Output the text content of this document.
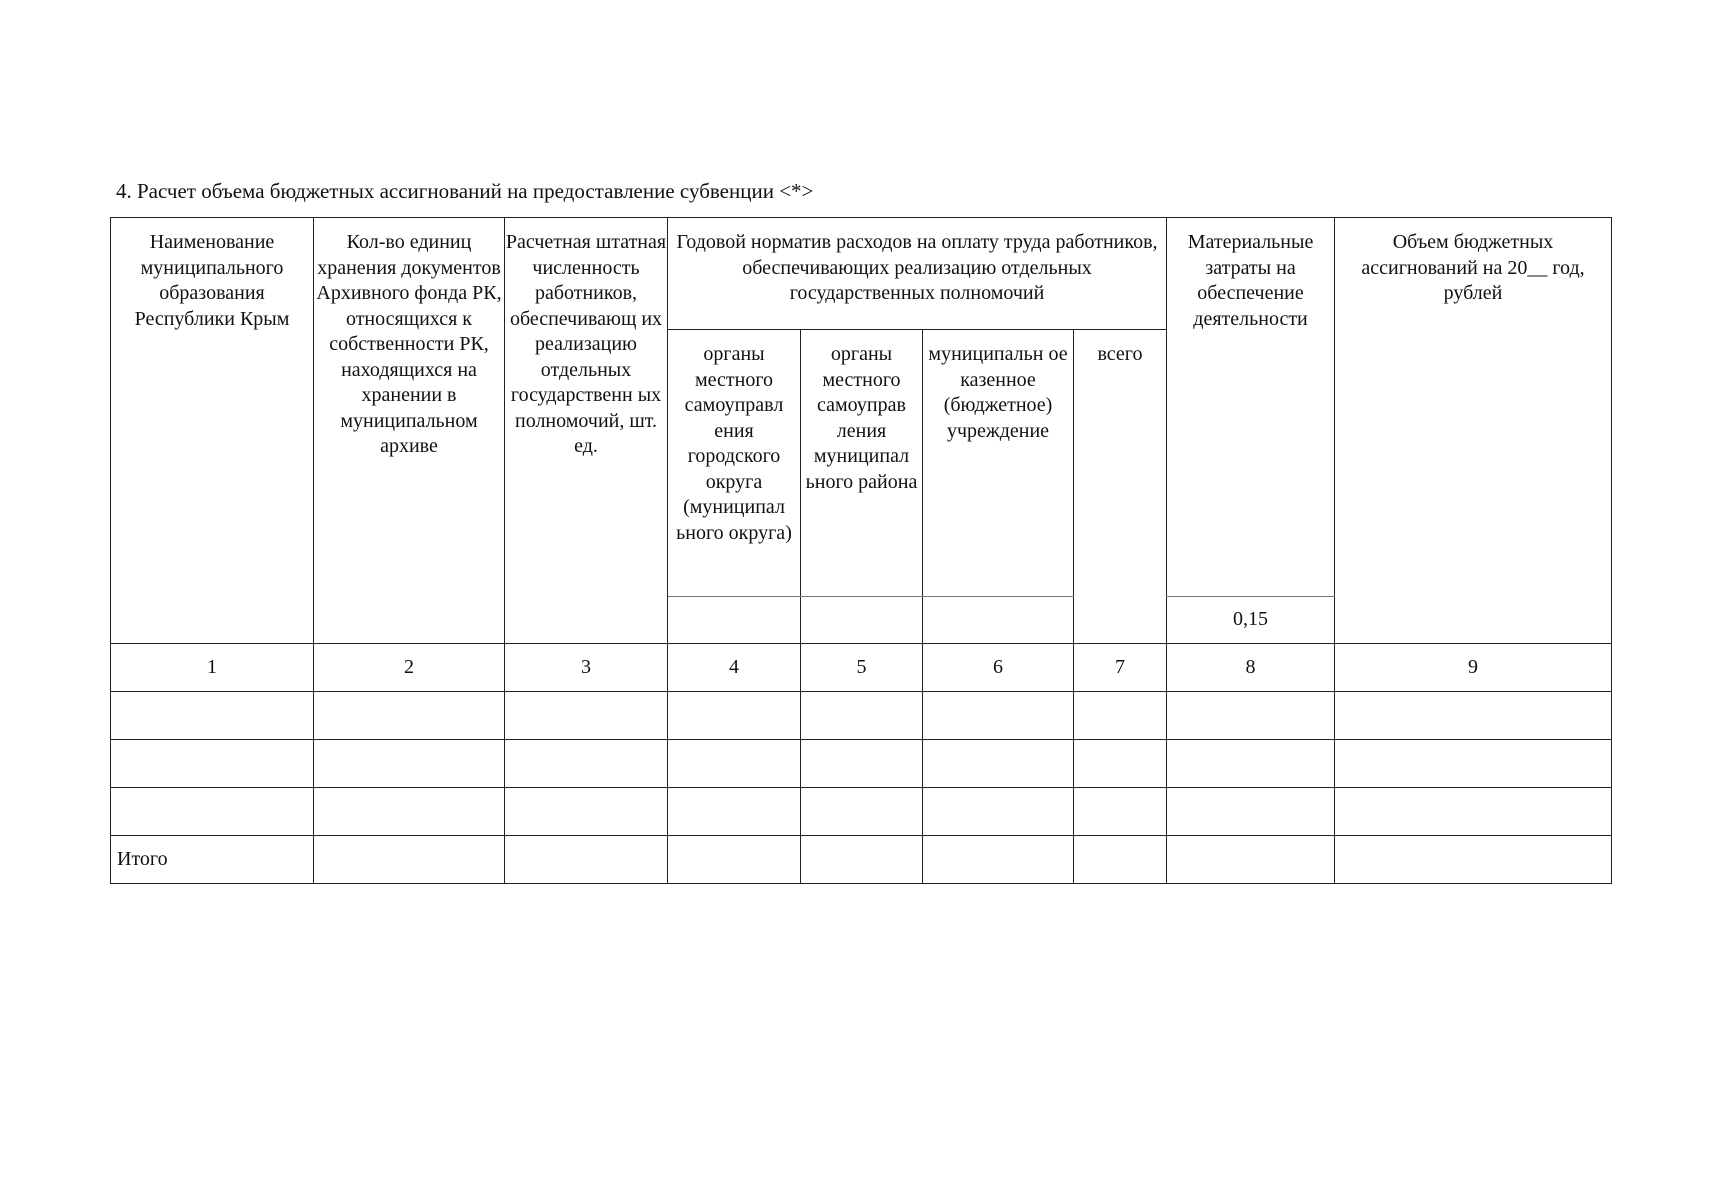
4. Расчет объема бюджетных ассигнований на предоставление субвенции <*>
Наименование муниципального образования Республики Крым	Кол-во единиц хранения документов Архивного фонда РК, относящихся к собственности РК, находящихся на хранении в муниципальном архиве	Расчетная штатная численность работников, обеспечивающ их реализацию отдельных государственн ых полномочий, шт. ед.	Годовой норматив расходов на оплату труда работников, обеспечивающих реализацию отдельных государственных полномочий				Материальные затраты на обеспечение деятельности	Объем бюджетных ассигнований на 20__ год, рублей
			органы местного самоуправл ения городского округа (муниципал ьного округа)	органы местного самоуправ ления муниципал ьного района	муниципальн ое казенное (бюджетное) учреждение	всего		
							0,15	
1	2	3	4	5	6	7	8	9

Итого								
